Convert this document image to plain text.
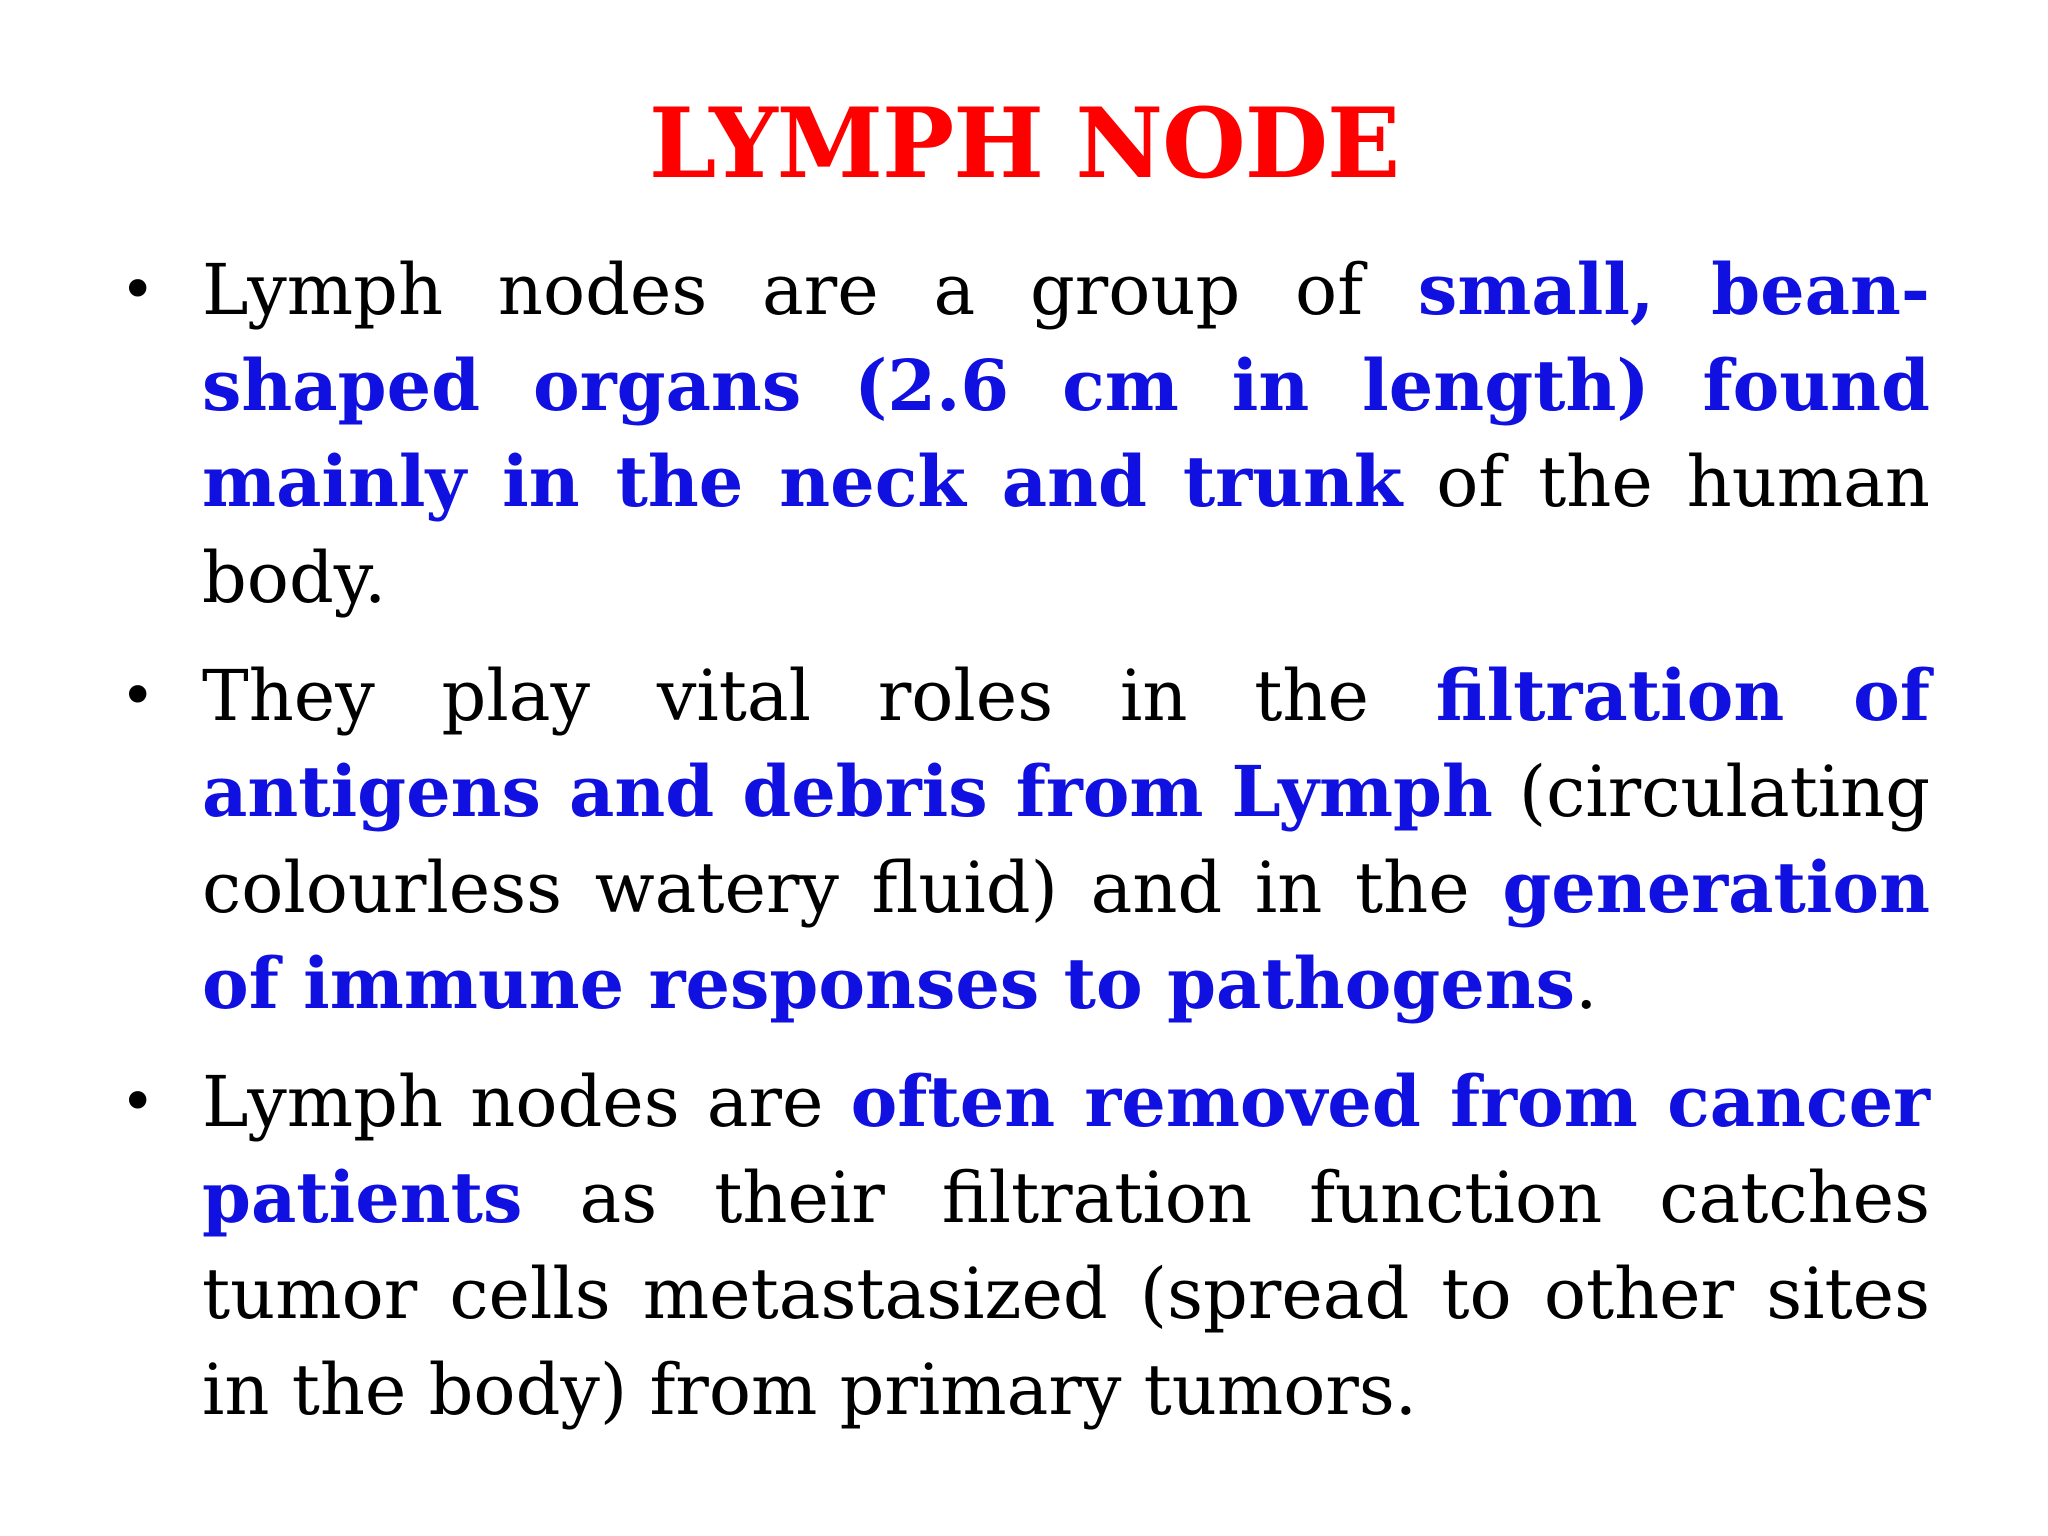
LYMPH NODE
• Lymph nodes are a group of small, bean-shaped organs (2.6 cm in length) found mainly in the neck and trunk of the human body.
• They play vital roles in the filtration of antigens and debris from Lymph (circulating colourless watery fluid) and in the generation of immune responses to pathogens.
• Lymph nodes are often removed from cancer patients as their filtration function catches tumor cells metastasized (spread to other sites in the body) from primary tumors.
